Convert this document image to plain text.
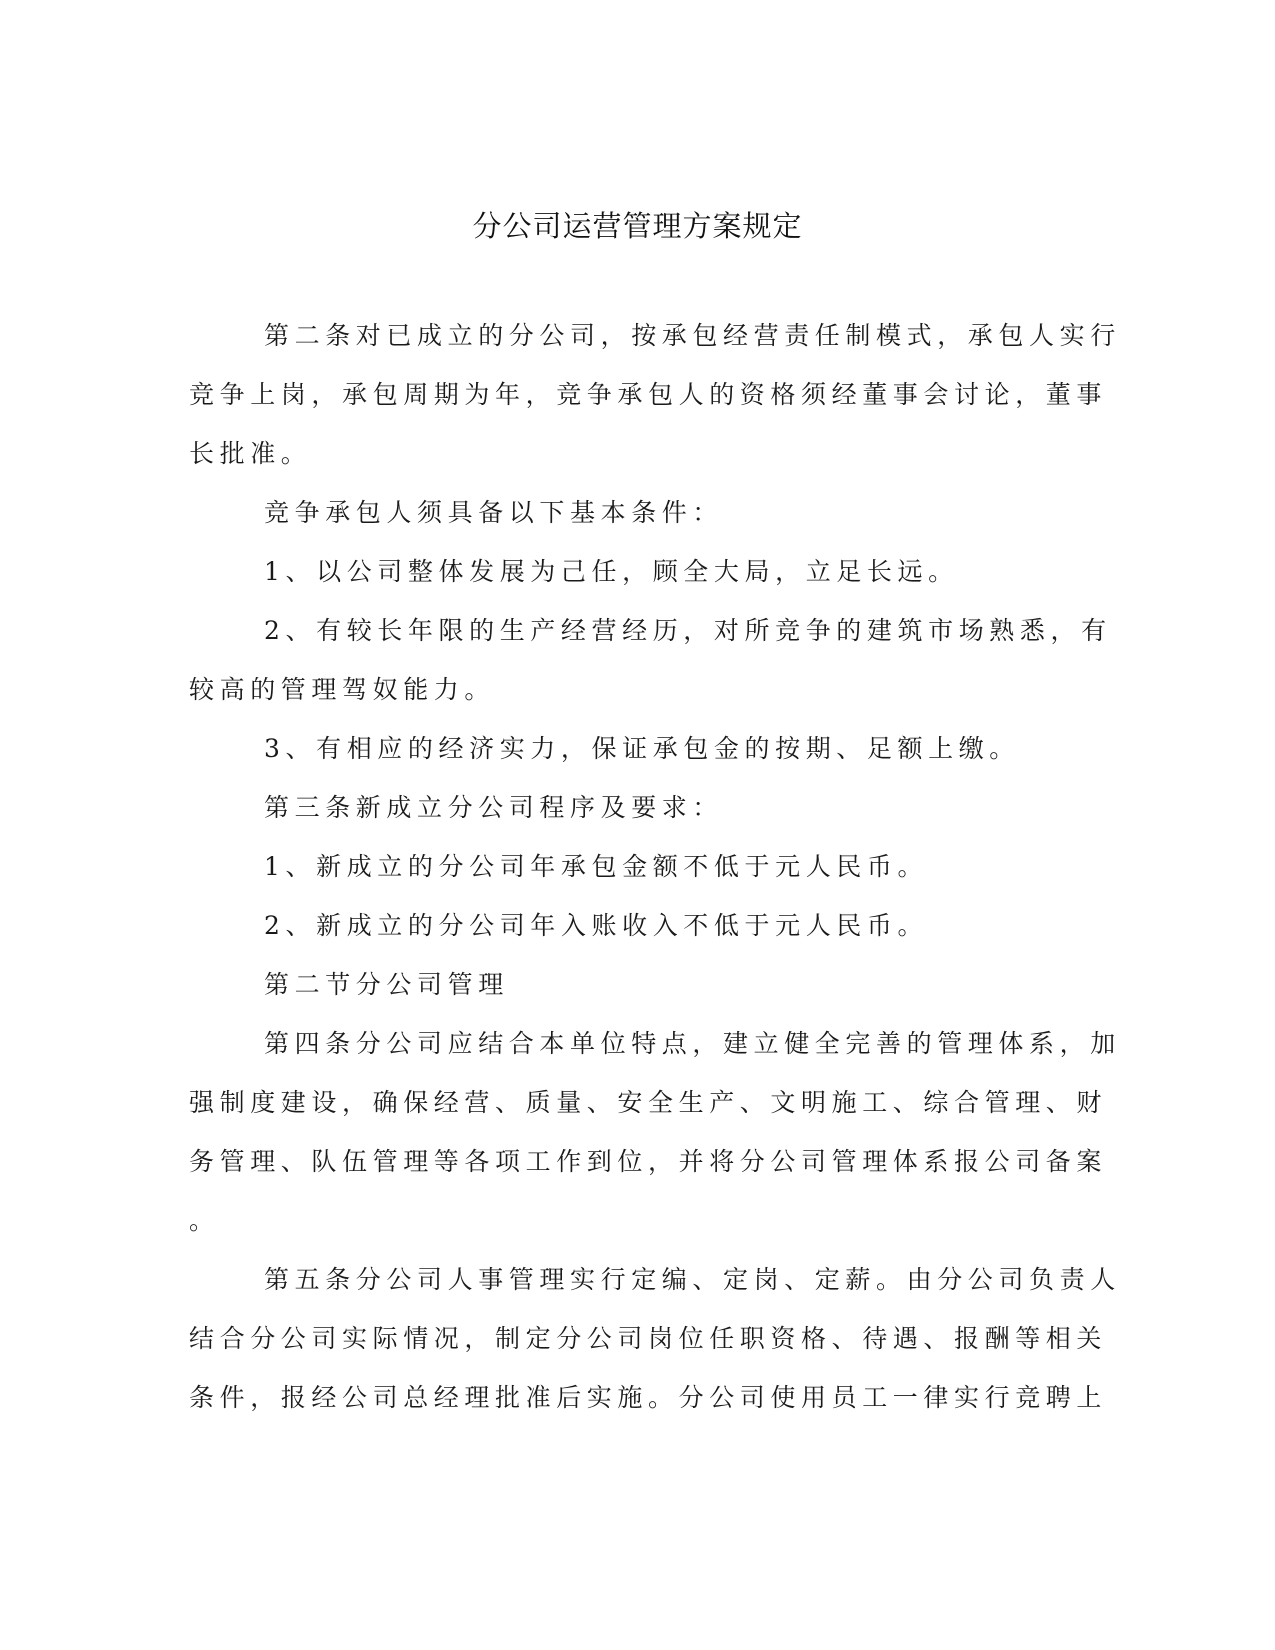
分公司运营管理方案规定

第二条对已成立的分公司，按承包经营责任制模式，承包人实行

竞争上岗，承包周期为年，竞争承包人的资格须经董事会讨论，董事

长批准。

竞争承包人须具备以下基本条件：

1、以公司整体发展为己任，顾全大局，立足长远。

2、有较长年限的生产经营经历，对所竞争的建筑市场熟悉，有

较高的管理驾奴能力。

3、有相应的经济实力，保证承包金的按期、足额上缴。

第三条新成立分公司程序及要求：

1、新成立的分公司年承包金额不低于元人民币。

2、新成立的分公司年入账收入不低于元人民币。

第二节分公司管理

第四条分公司应结合本单位特点，建立健全完善的管理体系，加

强制度建设，确保经营、质量、安全生产、文明施工、综合管理、财

务管理、队伍管理等各项工作到位，并将分公司管理体系报公司备案

。

第五条分公司人事管理实行定编、定岗、定薪。由分公司负责人

结合分公司实际情况，制定分公司岗位任职资格、待遇、报酬等相关

条件，报经公司总经理批准后实施。分公司使用员工一律实行竞聘上
